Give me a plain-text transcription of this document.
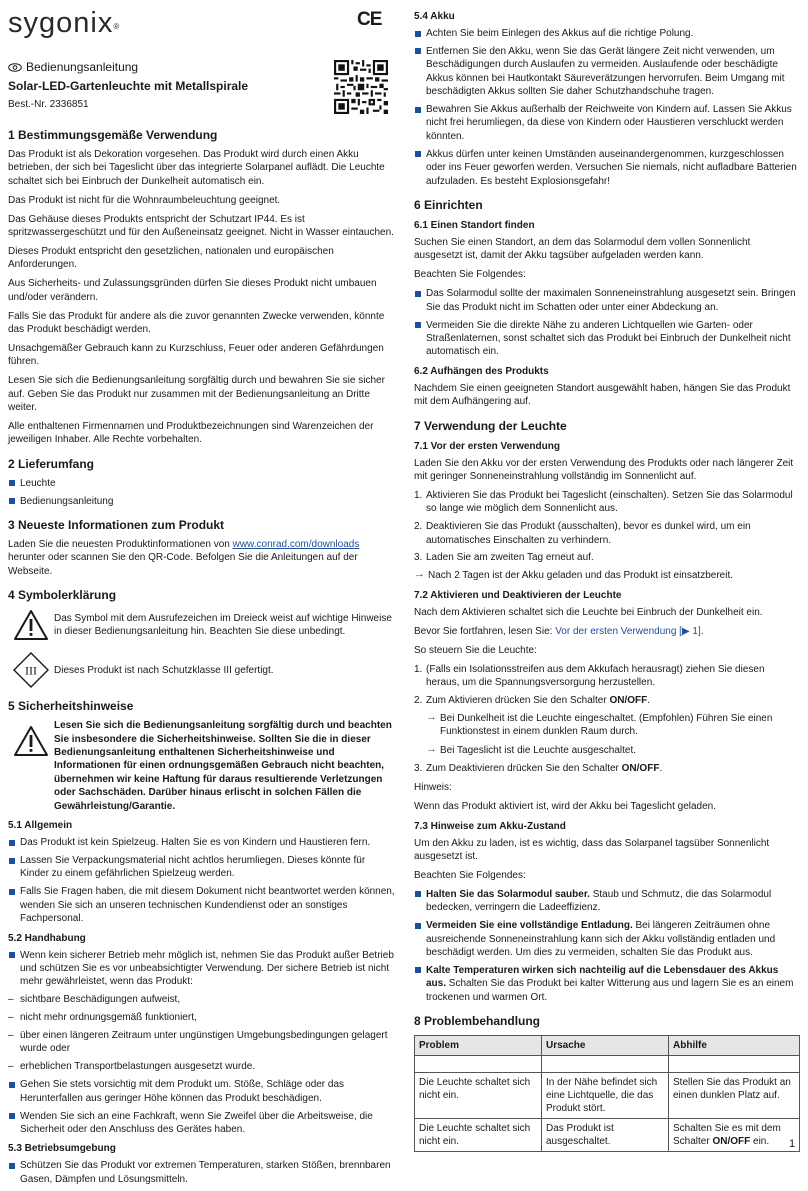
sygonix®	CE
Bedienungsanleitung
Solar-LED-Gartenleuchte mit Metallspirale
Best.-Nr. 2336851
1 Bestimmungsgemäße Verwendung

Das Produkt ist als Dekoration vorgesehen. Das Produkt wird durch einen Akku betrieben, der sich bei Tageslicht über das integrierte Solarpanel auflädt. Die Leuchte schaltet sich bei Einbruch der Dunkelheit automatisch ein.

Das Produkt ist nicht für die Wohnraumbeleuchtung geeignet.

Das Gehäuse dieses Produkts entspricht der Schutzart IP44. Es ist spritzwassergeschützt und für den Außeneinsatz geeignet. Nicht in Wasser eintauchen.

Dieses Produkt entspricht den gesetzlichen, nationalen und europäischen Anforderungen.

Aus Sicherheits- und Zulassungsgründen dürfen Sie dieses Produkt nicht umbauen und/oder verändern.

Falls Sie das Produkt für andere als die zuvor genannten Zwecke verwenden, könnte das Produkt beschädigt werden.

Unsachgemäßer Gebrauch kann zu Kurzschluss, Feuer oder anderen Gefährdungen führen.

Lesen Sie sich die Bedienungsanleitung sorgfältig durch und bewahren Sie sie sicher auf. Geben Sie das Produkt nur zusammen mit der Bedienungsanleitung an Dritte weiter.

Alle enthaltenen Firmennamen und Produktbezeichnungen sind Warenzeichen der jeweiligen Inhaber. Alle Rechte vorbehalten.

2 Lieferumfang
Leuchte
Bedienungsanleitung
3 Neueste Informationen zum Produkt

Laden Sie die neuesten Produktinformationen von www.conrad.com/downloads herunter oder scannen Sie den QR-Code. Befolgen Sie die Anleitungen auf der Webseite.

4 Symbolerklärung
Das Symbol mit dem Ausrufezeichen im Dreieck weist auf wichtige Hinweise in dieser Bedienungsanleitung hin. Beachten Sie diese unbedingt.
III Dieses Produkt ist nach Schutzklasse III gefertigt.
5 Sicherheitshinweise
Lesen Sie sich die Bedienungsanleitung sorgfältig durch und beachten Sie insbesondere die Sicherheitshinweise. Sollten Sie die in dieser Bedienungsanleitung enthaltenen Sicherheitshinweise und Informationen für einen ordnungsgemäßen Gebrauch nicht beachten, übernehmen wir keine Haftung für daraus resultierende Verletzungen oder Sachschäden. Darüber hinaus erlischt in solchen Fällen die Gewährleistung/Garantie.
5.1 Allgemein
Das Produkt ist kein Spielzeug. Halten Sie es von Kindern und Haustieren fern.
Lassen Sie Verpackungsmaterial nicht achtlos herumliegen. Dieses könnte für Kinder zu einem gefährlichen Spielzeug werden.
Falls Sie Fragen haben, die mit diesem Dokument nicht beantwortet werden können, wenden Sie sich an unseren technischen Kundendienst oder an sonstiges Fachpersonal.
5.2 Handhabung
Wenn kein sicherer Betrieb mehr möglich ist, nehmen Sie das Produkt außer Betrieb und schützen Sie es vor unbeabsichtigter Verwendung. Der sichere Betrieb ist nicht mehr gewährleistet, wenn das Produkt:
– sichtbare Beschädigungen aufweist,
– nicht mehr ordnungsgemäß funktioniert,
– über einen längeren Zeitraum unter ungünstigen Umgebungsbedingungen gelagert wurde oder
– erheblichen Transportbelastungen ausgesetzt wurde.
Gehen Sie stets vorsichtig mit dem Produkt um. Stöße, Schläge oder das Herunterfallen aus geringer Höhe können das Produkt beschädigen.
Wenden Sie sich an eine Fachkraft, wenn Sie Zweifel über die Arbeitsweise, die Sicherheit oder den Anschluss des Gerätes haben.
5.3 Betriebsumgebung
Schützen Sie das Produkt vor extremen Temperaturen, starken Stößen, brennbaren Gasen, Dämpfen und Lösungsmitteln.
5.4 Akku
Achten Sie beim Einlegen des Akkus auf die richtige Polung.
Entfernen Sie den Akku, wenn Sie das Gerät längere Zeit nicht verwenden, um Beschädigungen durch Auslaufen zu vermeiden. Auslaufende oder beschädigte Akkus können bei Hautkontakt Säureverätzungen hervorrufen. Beim Umgang mit beschädigten Akkus sollten Sie daher Schutzhandschuhe tragen.
Bewahren Sie Akkus außerhalb der Reichweite von Kindern auf. Lassen Sie Akkus nicht frei herumliegen, da diese von Kindern oder Haustieren verschluckt werden könnten.
Akkus dürfen unter keinen Umständen auseinandergenommen, kurzgeschlossen oder ins Feuer geworfen werden. Versuchen Sie niemals, nicht aufladbare Batterien aufzuladen. Es besteht Explosionsgefahr!
6 Einrichten
6.1 Einen Standort finden

Suchen Sie einen Standort, an dem das Solarmodul dem vollen Sonnenlicht ausgesetzt ist, damit der Akku tagsüber aufgeladen werden kann.

Beachten Sie Folgendes:

Das Solarmodul sollte der maximalen Sonneneinstrahlung ausgesetzt sein. Bringen Sie das Produkt nicht im Schatten oder unter einer Abdeckung an.
Vermeiden Sie die direkte Nähe zu anderen Lichtquellen wie Garten- oder Straßenlaternen, sonst schaltet sich das Produkt bei Einbruch der Dunkelheit nicht automatisch ein.
6.2 Aufhängen des Produkts

Nachdem Sie einen geeigneten Standort ausgewählt haben, hängen Sie das Produkt mit dem Aufhängering auf.

7 Verwendung der Leuchte
7.1 Vor der ersten Verwendung

Laden Sie den Akku vor der ersten Verwendung des Produkts oder nach längerer Zeit mit geringer Sonneneinstrahlung vollständig im Sonnenlicht auf.

1. Aktivieren Sie das Produkt bei Tageslicht (einschalten). Setzen Sie das Solarmodul so lange wie möglich dem Sonnenlicht aus.
2. Deaktivieren Sie das Produkt (ausschalten), bevor es dunkel wird, um ein automatisches Einschalten zu verhindern.
3. Laden Sie am zweiten Tag erneut auf.
→ Nach 2 Tagen ist der Akku geladen und das Produkt ist einsatzbereit.
7.2 Aktivieren und Deaktivieren der Leuchte

Nach dem Aktivieren schaltet sich die Leuchte bei Einbruch der Dunkelheit ein.

Bevor Sie fortfahren, lesen Sie: Vor der ersten Verwendung [▶ 1].

So steuern Sie die Leuchte:

1. (Falls ein Isolationsstreifen aus dem Akkufach herausragt) ziehen Sie diesen heraus, um die Spannungsversorgung herzustellen.
2. Zum Aktivieren drücken Sie den Schalter ON/OFF.
→ Bei Dunkelheit ist die Leuchte eingeschaltet. (Empfohlen) Führen Sie einen Funktionstest in einem dunklen Raum durch.
→ Bei Tageslicht ist die Leuchte ausgeschaltet.
3. Zum Deaktivieren drücken Sie den Schalter ON/OFF.

Hinweis:

Wenn das Produkt aktiviert ist, wird der Akku bei Tageslicht geladen.

7.3 Hinweise zum Akku-Zustand

Um den Akku zu laden, ist es wichtig, dass das Solarpanel tagsüber Sonnenlicht ausgesetzt ist.

Beachten Sie Folgendes:

Halten Sie das Solarmodul sauber. Staub und Schmutz, die das Solarmodul bedecken, verringern die Ladeeffizienz.
Vermeiden Sie eine vollständige Entladung. Bei längeren Zeiträumen ohne ausreichende Sonneneinstrahlung kann sich der Akku vollständig entladen und beschädigt werden. Um dies zu vermeiden, schalten Sie das Produkt aus.
Kalte Temperaturen wirken sich nachteilig auf die Lebensdauer des Akkus aus. Schalten Sie das Produkt bei kalter Witterung aus und lagern Sie es an einem trockenen und warmen Ort.
8 Problembehandlung
Problem	Ursache	Abhilfe

Die Leuchte schaltet sich nicht ein.	In der Nähe befindet sich eine Lichtquelle, die das Produkt stört.	Stellen Sie das Produkt an einen dunklen Platz auf.
Die Leuchte schaltet sich nicht ein.	Das Produkt ist ausgeschaltet.	Schalten Sie es mit dem Schalter ON/OFF ein. 1
